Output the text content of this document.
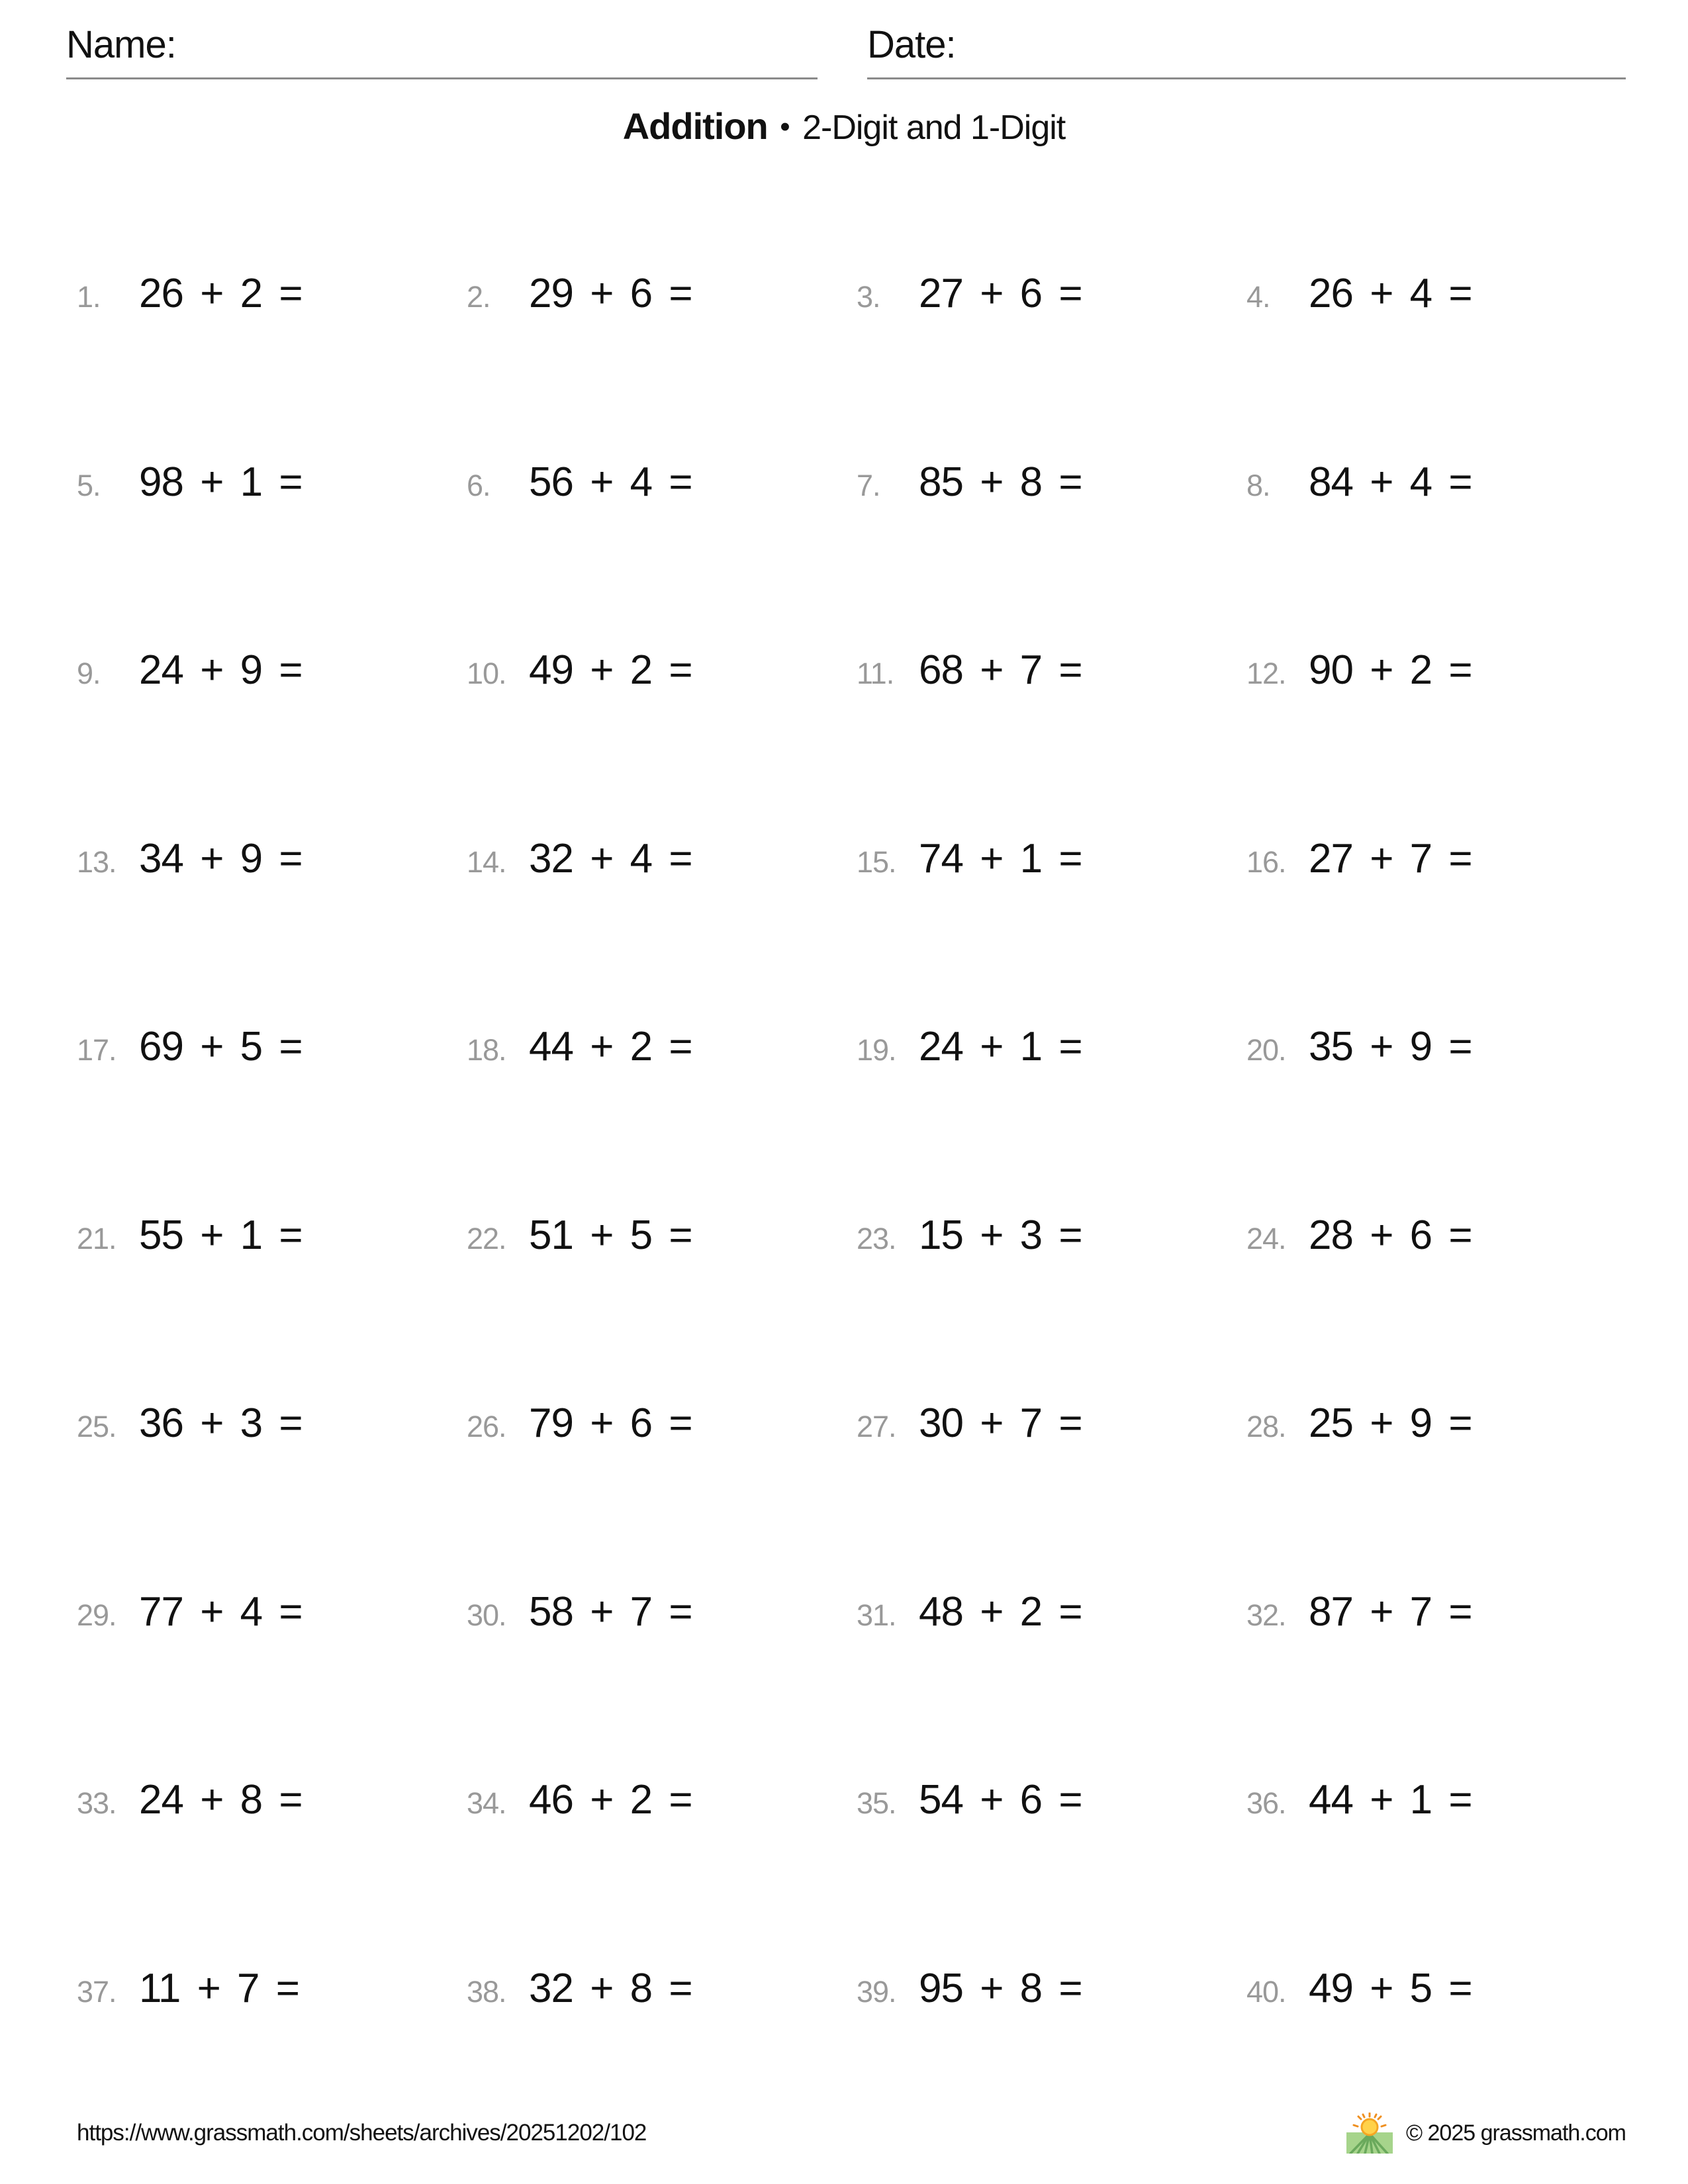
Name:	Date:
Addition • 2-Digit and 1-Digit
1. 26 + 2 =	2. 29 + 6 =	3. 27 + 6 =	4. 26 + 4 =
5. 98 + 1 =	6. 56 + 4 =	7. 85 + 8 =	8. 84 + 4 =
9. 24 + 9 =	10. 49 + 2 =	11. 68 + 7 =	12. 90 + 2 =
13. 34 + 9 =	14. 32 + 4 =	15. 74 + 1 =	16. 27 + 7 =
17. 69 + 5 =	18. 44 + 2 =	19. 24 + 1 =	20. 35 + 9 =
21. 55 + 1 =	22. 51 + 5 =	23. 15 + 3 =	24. 28 + 6 =
25. 36 + 3 =	26. 79 + 6 =	27. 30 + 7 =	28. 25 + 9 =
29. 77 + 4 =	30. 58 + 7 =	31. 48 + 2 =	32. 87 + 7 =
33. 24 + 8 =	34. 46 + 2 =	35. 54 + 6 =	36. 44 + 1 =
37. 11 + 7 =	38. 32 + 8 =	39. 95 + 8 =	40. 49 + 5 =
https://www.grassmath.com/sheets/archives/20251202/102	© 2025 grassmath.com
